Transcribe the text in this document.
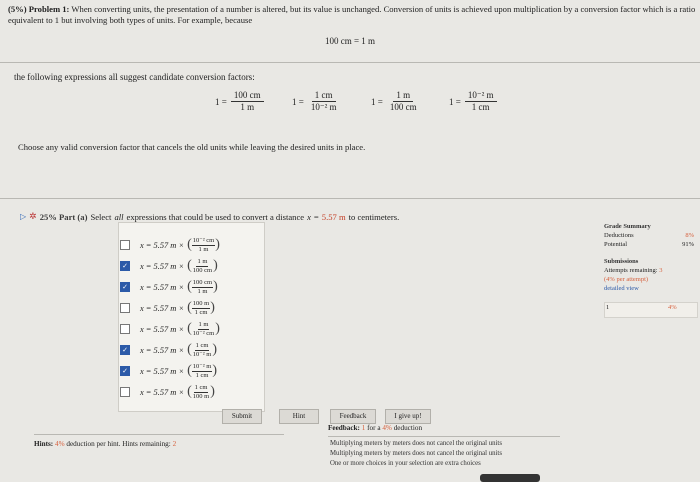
(5%) Problem 1: When converting units, the presentation of a number is altered, but its value is unchanged. Conversion of units is achieved upon multiplication by a conversion factor which is a ratio equivalent to 1 but involving both types of units. For example, because
100 cm = 1 m
the following expressions all suggest candidate conversion factors:
$1 = \frac{100 cm}{1 m}$	$1 = \frac{1 cm}{\text{10⁻² m}}$	$1 = \frac{1 m}{100 cm}$	$1 = \frac{\text{10⁻² m}}{1 cm}$
Choose any valid conversion factor that cancels the old units while leaving the desired units in place.
▷ ✲ 25% Part (a) Select all expressions that could be used to convert a distance x = 5.57 m to centimeters.
x = 5.57 m × ( $\frac{\text{10⁻² cm}}{1 m}$ )
✓ x = 5.57 m × ( $\frac{1 m}{100 cm}$ )
✓ x = 5.57 m × ( $\frac{100 cm}{1 m}$ )
x = 5.57 m × ( $\frac{100 m}{1 cm}$ )
x = 5.57 m × ( $\frac{1 m}{\text{10⁻² cm}}$ )
✓ x = 5.57 m × ( $\frac{1 cm}{\text{10⁻² m}}$ )
✓ x = 5.57 m × ( $\frac{\text{10⁻² m}}{1 cm}$ )
x = 5.57 m × ( $\frac{1 cm}{100 m}$ )
Submit	Hint	Feedback	I give up!
Hints: 4% deduction per hint. Hints remaining: 2
Feedback: 1 for a 4% deduction
Multiplying meters by meters does not cancel the original units
Multiplying meters by meters does not cancel the original units
One or more choices in your selection are extra choices
Grade Summary
Deductions	8%
Potential	91%
Submissions
Attempts remaining: 3
(4% per attempt)
detailed view
1	4%
